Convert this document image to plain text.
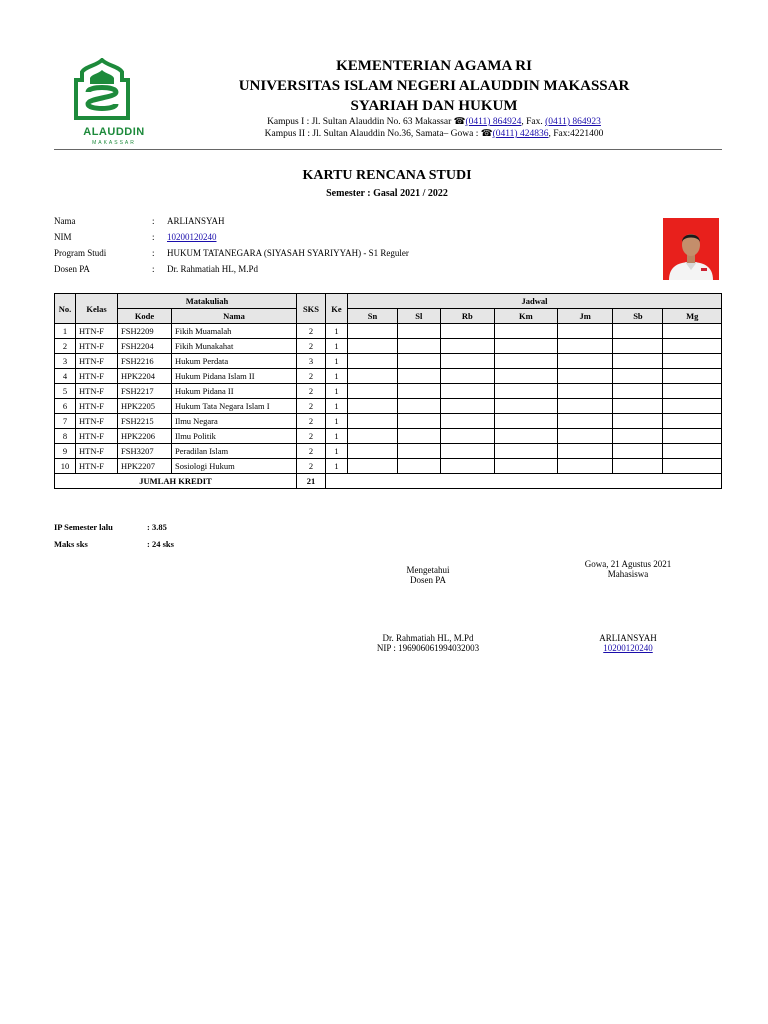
ALAUDDIN
MAKASSAR
KEMENTERIAN AGAMA RI
UNIVERSITAS ISLAM NEGERI ALAUDDIN MAKASSAR
SYARIAH DAN HUKUM
Kampus I : Jl. Sultan Alauddin No. 63 Makassar ☎(0411) 864924, Fax. (0411) 864923
Kampus II : Jl. Sultan Alauddin No.36, Samata– Gowa : ☎(0411) 424836, Fax:4221400
KARTU RENCANA STUDI
Semester : Gasal 2021 / 2022
Nama	: ARLIANSYAH
NIM	: 10200120240
Program Studi	: HUKUM TATANEGARA (SIYASAH SYARIYYAH) - S1 Reguler
Dosen PA	: Dr. Rahmatiah HL, M.Pd
No.	Kelas	Matakuliah		SKS	Ke	Jadwal						
		Kode	Nama			Sn	Sl	Rb	Km	Jm	Sb	Mg
1	HTN-F	FSH2209	Fikih Muamalah	2	1							
2	HTN-F	FSH2204	Fikih Munakahat	2	1							
3	HTN-F	FSH2216	Hukum Perdata	3	1							
4	HTN-F	HPK2204	Hukum Pidana Islam II	2	1							
5	HTN-F	FSH2217	Hukum Pidana II	2	1							
6	HTN-F	HPK2205	Hukum Tata Negara Islam I	2	1							
7	HTN-F	FSH2215	Ilmu Negara	2	1							
8	HTN-F	HPK2206	Ilmu Politik	2	1							
9	HTN-F	FSH3207	Peradilan Islam	2	1							
10	HTN-F	HPK2207	Sosiologi Hukum	2	1							
JUMLAH KREDIT				21								
IP Semester lalu	: 3.85
Maks sks	: 24 sks
Mengetahui
Dosen PA
Dr. Rahmatiah HL, M.Pd
NIP : 196906061994032003
Gowa, 21 Agustus 2021
Mahasiswa
ARLIANSYAH
10200120240
